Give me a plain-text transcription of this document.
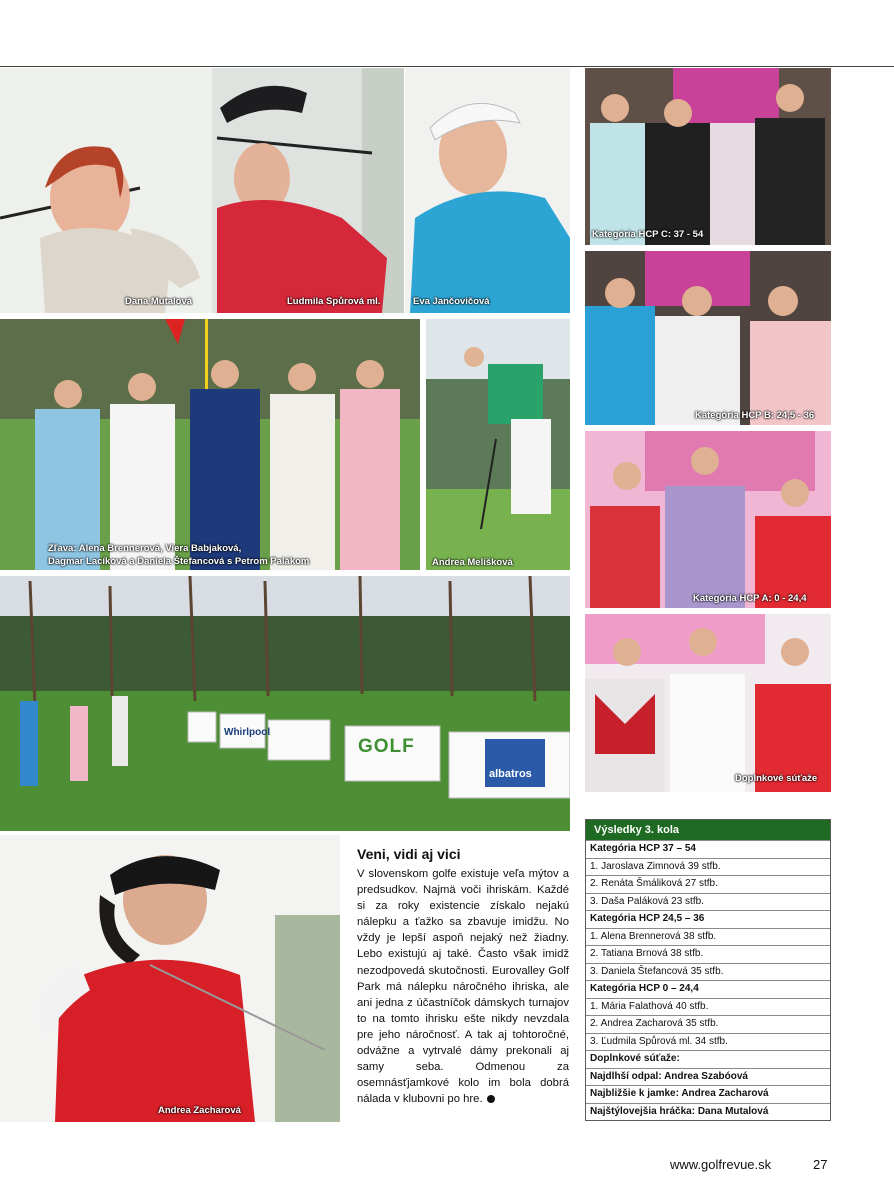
Dana Mutalová	Ľudmila Spůrová ml.	Eva Jančovičová
Zľava: Alena Brennerová, Viera Babjaková,
Dagmar Lacíková a Daniela Štefancová s Petrom Palákom	Andrea Melišková
Whirlpool
GOLF
albatros
Andrea Zacharová
Kategória HCP C: 37 - 54
Kategória HCP B: 24,5 - 36
Kategória HCP A: 0 - 24,4
Doplnkové súťaže
Veni, vidi aj vici

V slovenskom golfe existuje veľa mýtov a predsudkov. Najmä voči ihriskám. Každé si za roky existencie získalo nejakú nálepku a ťažko sa zbavuje imidžu. No vždy je lepší aspoň nejaký než žiadny. Lebo existujú aj také. Často však imidž nezodpovedá skutočnosti. Eurovalley Golf Park má nálepku náročného ihriska, ale ani jedna z účastníčok dámskych turnajov to na tomto ihrisku ešte nikdy nevzdala pre jeho náročnosť. A tak aj tohtoročné, odvážne a vytrvalé dámy prekonali aj samy seba. Odmenou za osemnásťjamkové kolo im bola dobrá nálada v klubovni po hre.

Výsledky 3. kola
Kategória HCP 37 – 54
1. Jaroslava Zimnová 39 stfb.
2. Renáta Šmáliková 27 stfb.
3. Daša Paláková 23 stfb.
Kategória HCP 24,5 – 36
1. Alena Brennerová 38 stfb.
2. Tatiana Brnová 38 stfb.
3. Daniela Štefancová 35 stfb.
Kategória HCP 0 – 24,4
1. Mária Falathová 40 stfb.
2. Andrea Zacharová 35 stfb.
3. Ľudmila Spůrová ml. 34 stfb.
Doplnkové súťaže:
Najdlhší odpal: Andrea Szabóová
Najbližšie k jamke: Andrea Zacharová
Najštýlovejšia hráčka: Dana Mutalová
www.golfrevue.sk	27
